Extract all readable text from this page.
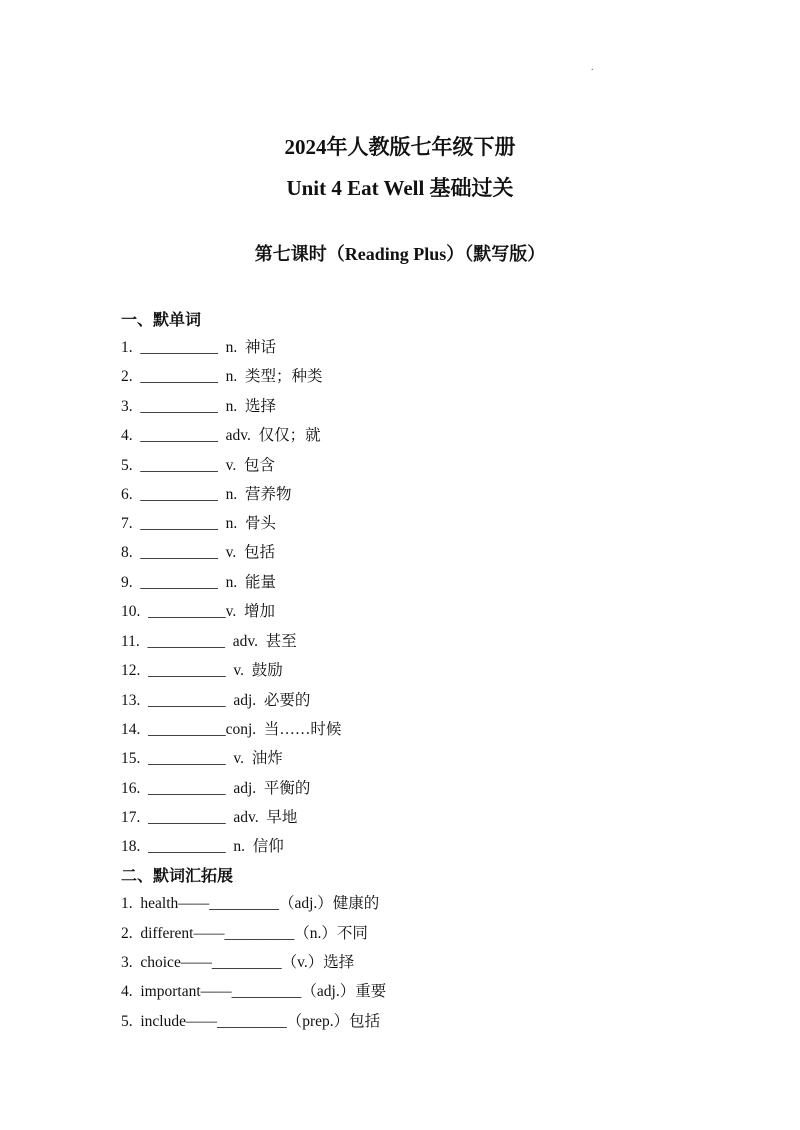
.
2024年人教版七年级下册
Unit 4 Eat Well 基础过关
第七课时（Reading Plus）（默写版）
一、默单词
1.  __________  n.  神话
2.  __________  n.  类型；种类
3.  __________  n.  选择
4.  __________  adv.  仅仅；就
5.  __________  v.  包含
6.  __________  n.  营养物
7.  __________  n.  骨头
8.  __________  v.  包括
9.  __________  n.  能量
10.  __________v.  增加
11.  __________  adv.  甚至
12.  __________  v.  鼓励
13.  __________  adj.  必要的
14.  __________conj.  当……时候
15.  __________  v.  油炸
16.  __________  adj.  平衡的
17.  __________  adv.  早地
18.  __________  n.  信仰
二、默词汇拓展
1.  health——_________（adj.）健康的
2.  different——_________（n.）不同
3.  choice——_________（v.）选择
4.  important——_________（adj.）重要
5.  include——_________（prep.）包括
